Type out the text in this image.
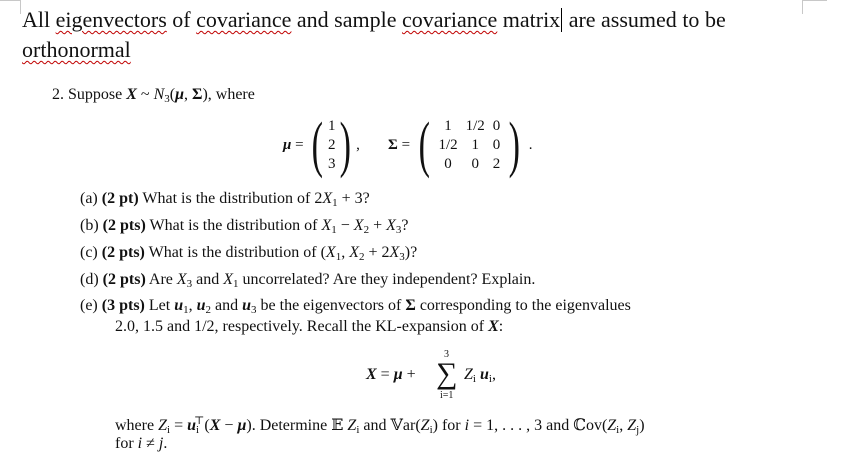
All eigenvectors of covariance and sample covariance matrix are assumed to be
orthonormal
2. Suppose X ~ $N_3(\mu$, Σ), where
μ = ( 1
2
3 ) , Σ = ( 1	1/2	0
1/2	1	0
0	0	2 ) .
(a) (2 pt) What is the distribution of $2X_1 + 3$?
(b) (2 pts) What is the distribution of $X_1 - X_2 + X_3$?
(c) (2 pts) What is the distribution of ($X_1$, $X_2 + 2X_3$)?
(d) (2 pts) Are $X_3$ and $X_1$ uncorrelated? Are they independent? Explain.
(e) (3 pts) Let $u_1$, $u_2$ and $u_3$ be the eigenvectors of Σ corresponding to the eigenvalues
2.0, 1.5 and 1/2, respectively. Recall the KL-expansion of X:
X = μ +
3
∑
i=1
$Z_i$ $u_i$,
where $Z_i = u_i^⊤(X - \mu)$. Determine 𝔼 $Z_i$ and $𝕍ar(Z_i)$ for i = 1, . . . , 3 and $ℂov(Z_i$, $Z_j$)
for i ≠ j.
